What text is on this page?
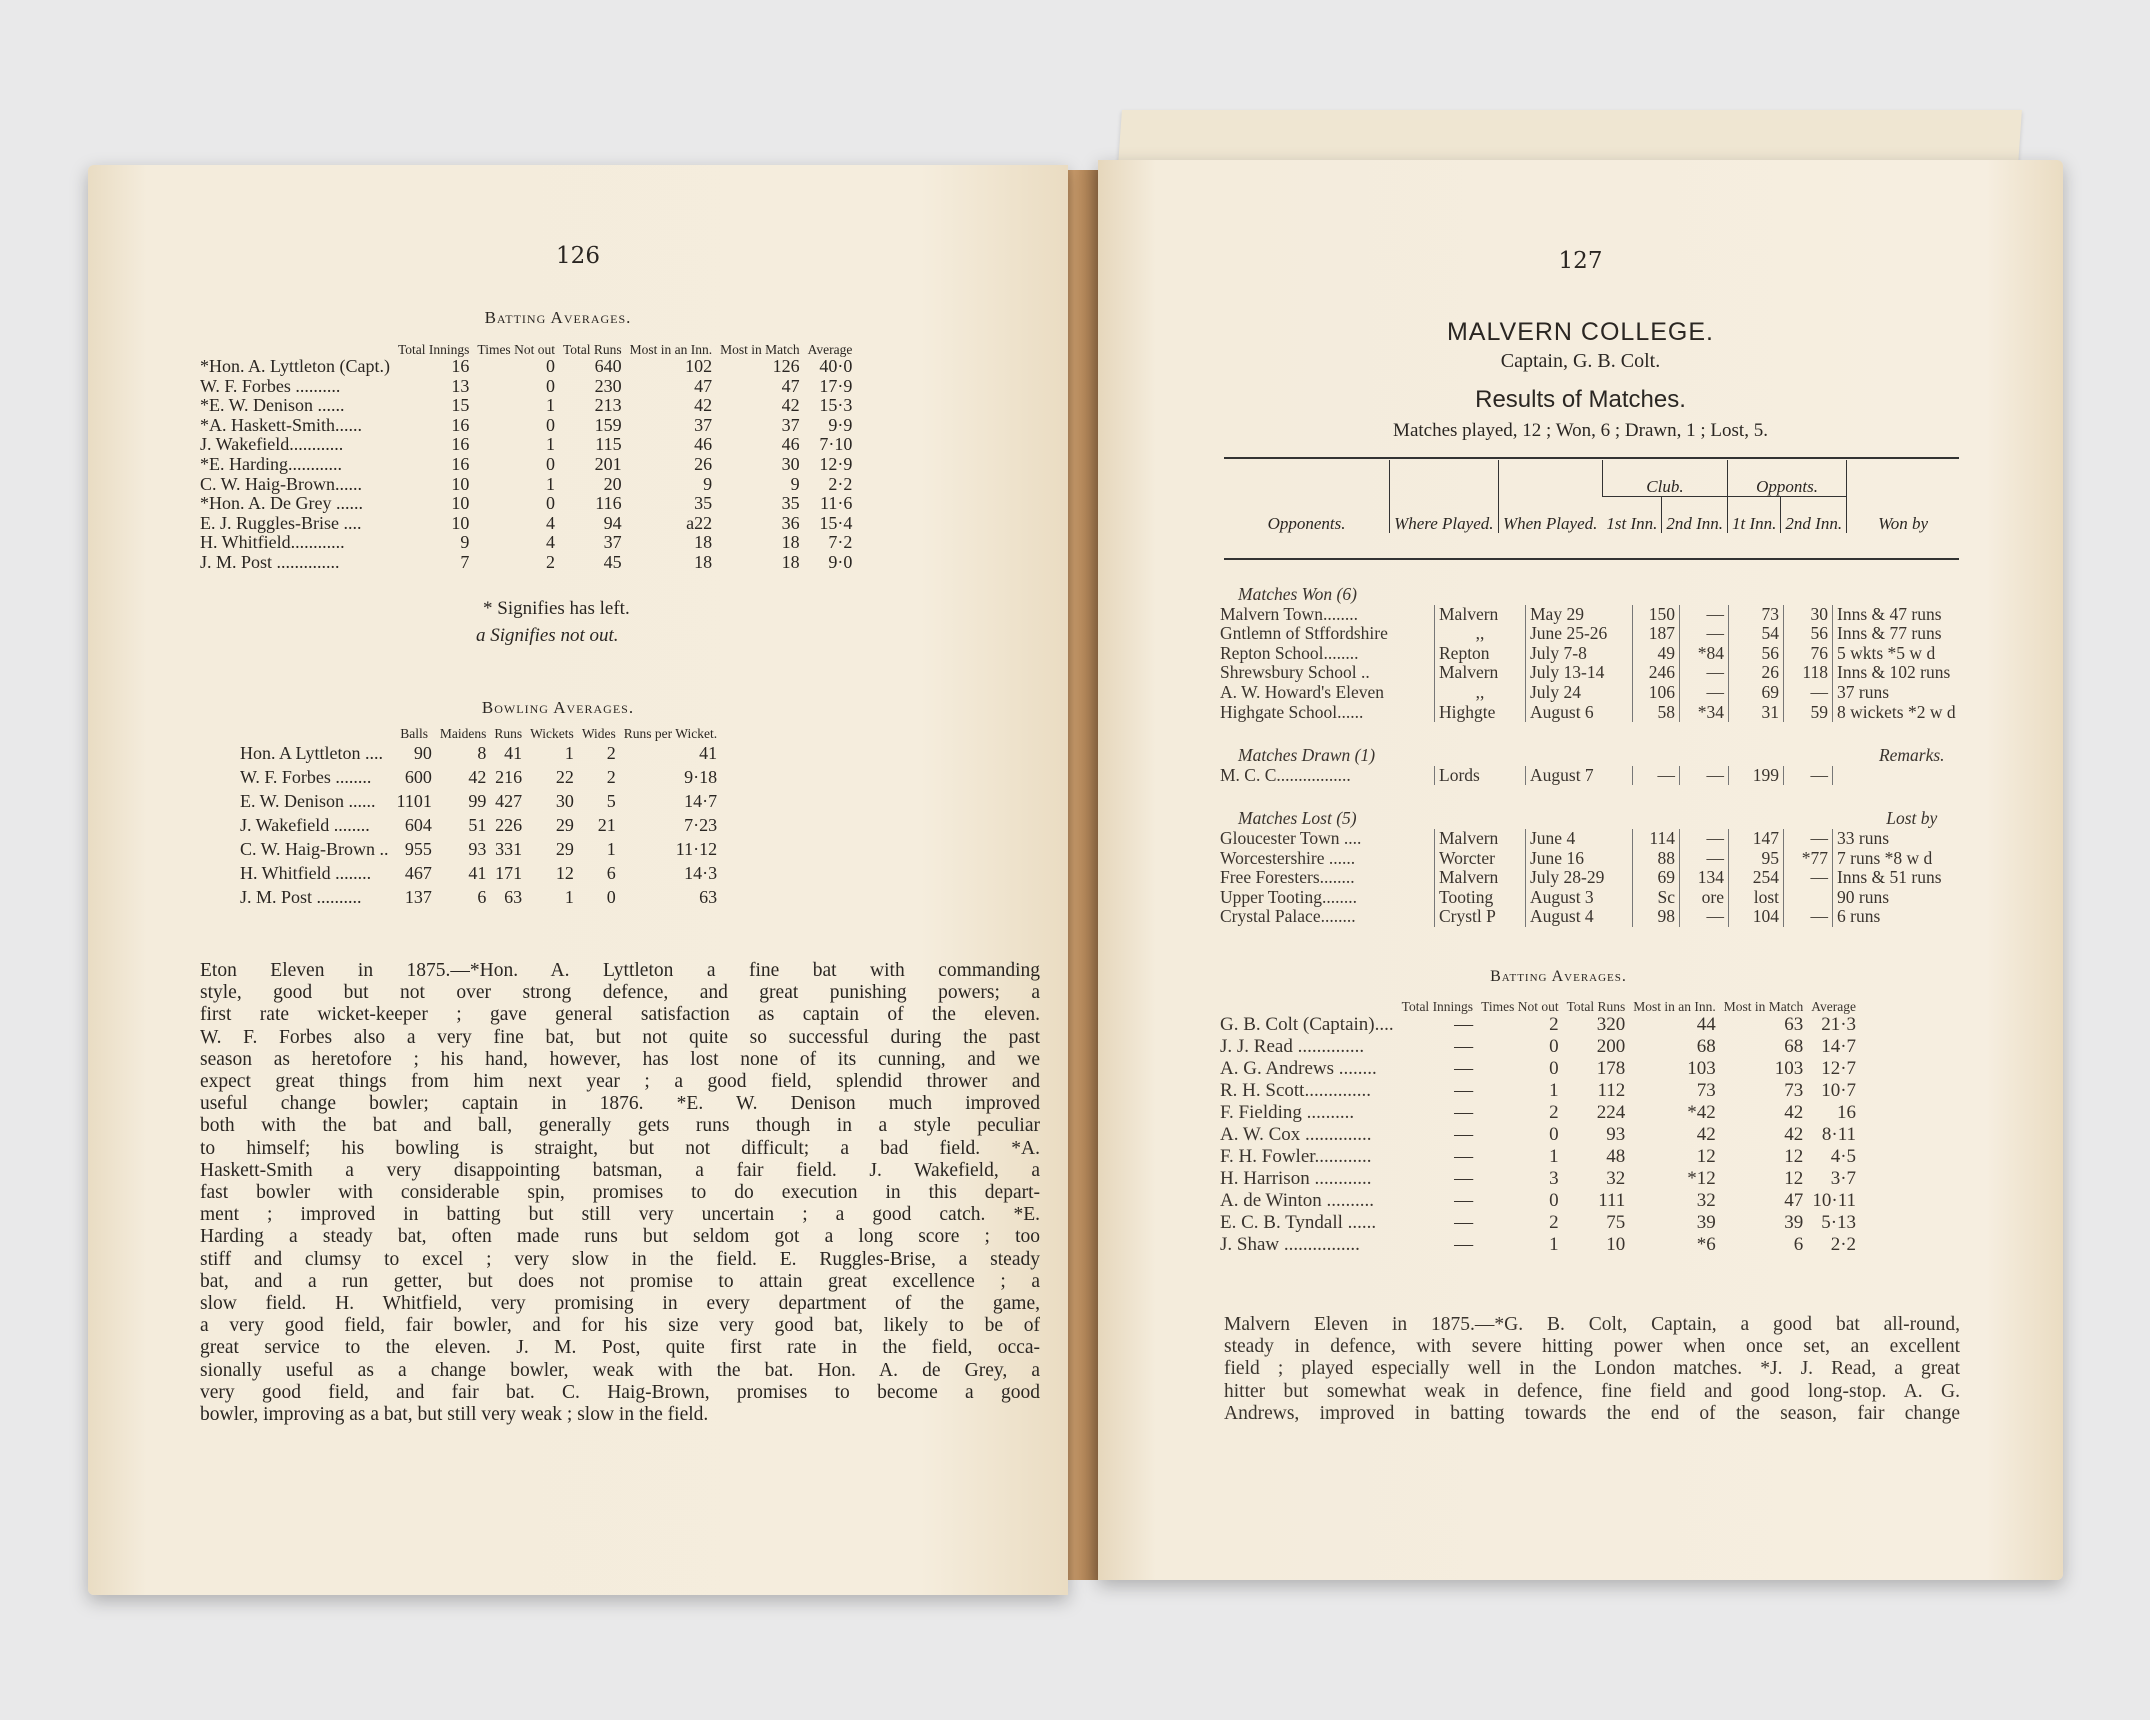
126
Batting Averages.
	Total Innings	Times Not out	Total Runs	Most in an Inn.	Most in Match	Average
*Hon. A. Lyttleton (Capt.)	16	0	640	102	126	40·0
W. F. Forbes ..........	13	0	230	47	47	17·9
*E. W. Denison ......	15	1	213	42	42	15·3
*A. Haskett-Smith......	16	0	159	37	37	9·9
J. Wakefield............	16	1	115	46	46	7·10
*E. Harding............	16	0	201	26	30	12·9
C. W. Haig-Brown......	10	1	20	9	9	2·2
*Hon. A. De Grey ......	10	0	116	35	35	11·6
E. J. Ruggles-Brise ....	10	4	94	a22	36	15·4
H. Whitfield............	9	4	37	18	18	7·2
J. M. Post ..............	7	2	45	18	18	9·0
* Signifies has left.
a Signifies not out.
Bowling Averages.
	Balls	Maidens	Runs	Wickets	Wides	Runs per Wicket.
Hon. A Lyttleton ....	90	8	41	1	2	41
W. F. Forbes ........	600	42	216	22	2	9·18
E. W. Denison ......	1101	99	427	30	5	14·7
J. Wakefield ........	604	51	226	29	21	7·23
C. W. Haig-Brown ..	955	93	331	29	1	11·12
H. Whitfield ........	467	41	171	12	6	14·3
J. M. Post ..........	137	6	63	1	0	63
Eton Eleven in 1875.—*Hon. A. Lyttleton a fine bat with commanding
style, good but not over strong defence, and great punishing powers; a
first rate wicket-keeper ; gave general satisfaction as captain of the eleven.
W. F. Forbes also a very fine bat, but not quite so successful during the past
season as heretofore ; his hand, however, has lost none of its cunning, and we
expect great things from him next year ; a good field, splendid thrower and
useful change bowler; captain in 1876. *E. W. Denison much improved
both with the bat and ball, generally gets runs though in a style peculiar
to himself; his bowling is straight, but not difficult; a bad field. *A.
Haskett-Smith a very disappointing batsman, a fair field. J. Wakefield, a
fast bowler with considerable spin, promises to do execution in this depart-
ment ; improved in batting but still very uncertain ; a good catch. *E.
Harding a steady bat, often made runs but seldom got a long score ; too
stiff and clumsy to excel ; very slow in the field. E. Ruggles-Brise, a steady
bat, and a run getter, but does not promise to attain great excellence ; a
slow field. H. Whitfield, very promising in every department of the game,
a very good field, fair bowler, and for his size very good bat, likely to be of
great service to the eleven. J. M. Post, quite first rate in the field, occa-
sionally useful as a change bowler, weak with the bat. Hon. A. de Grey, a
very good field, and fair bat. C. Haig-Brown, promises to become a good
bowler, improving as a bat, but still very weak ; slow in the field.
127
MALVERN COLLEGE.
Captain, G. B. Colt.
Results of Matches.
Matches played, 12 ; Won, 6 ; Drawn, 1 ; Lost, 5.
Opponents.	Where Played.	When Played.	Club.		Opponts.		Won by
			1st Inn.	2nd Inn.	1t Inn.	2nd Inn.	
Matches Won (6)							
Malvern Town........	Malvern	May 29	150	—	73	30	Inns & 47 runs
Gntlemn of Stffordshire	,,	June 25-26	187	—	54	56	Inns & 77 runs
Repton School........	Repton	July 7-8	49	*84	56	76	5 wkts *5 w d
Shrewsbury School ..	Malvern	July 13-14	246	—	26	118	Inns & 102 runs
A. W. Howard's Eleven	,,	July 24	106	—	69	—	37 runs
Highgate School......	Highgte	August 6	58	*34	31	59	8 wickets *2 w d
Matches Drawn (1)							Remarks.
M. C. C.................	Lords	August 7	—	—	199	—	
Matches Lost (5)							Lost by
Gloucester Town ....	Malvern	June 4	114	—	147	—	33 runs
Worcestershire ......	Worcter	June 16	88	—	95	*77	7 runs *8 w d
Free Foresters........	Malvern	July 28-29	69	134	254	—	Inns & 51 runs
Upper Tooting........	Tooting	August 3	Sc	ore	lost		90 runs
Crystal Palace........	Crystl P	August 4	98	—	104	—	6 runs
Batting Averages.
	Total Innings	Times Not out	Total Runs	Most in an Inn.	Most in Match	Average
G. B. Colt (Captain)....	—	2	320	44	63	21·3
J. J. Read ..............	—	0	200	68	68	14·7
A. G. Andrews ........	—	0	178	103	103	12·7
R. H. Scott..............	—	1	112	73	73	10·7
F. Fielding ..........	—	2	224	*42	42	16
A. W. Cox ..............	—	0	93	42	42	8·11
F. H. Fowler............	—	1	48	12	12	4·5
H. Harrison ............	—	3	32	*12	12	3·7
A. de Winton ..........	—	0	111	32	47	10·11
E. C. B. Tyndall ......	—	2	75	39	39	5·13
J. Shaw ................	—	1	10	*6	6	2·2
Malvern Eleven in 1875.—*G. B. Colt, Captain, a good bat all-round,
steady in defence, with severe hitting power when once set, an excellent
field ; played especially well in the London matches. *J. J. Read, a great
hitter but somewhat weak in defence, fine field and good long-stop. A. G.
Andrews, improved in batting towards the end of the season, fair change
